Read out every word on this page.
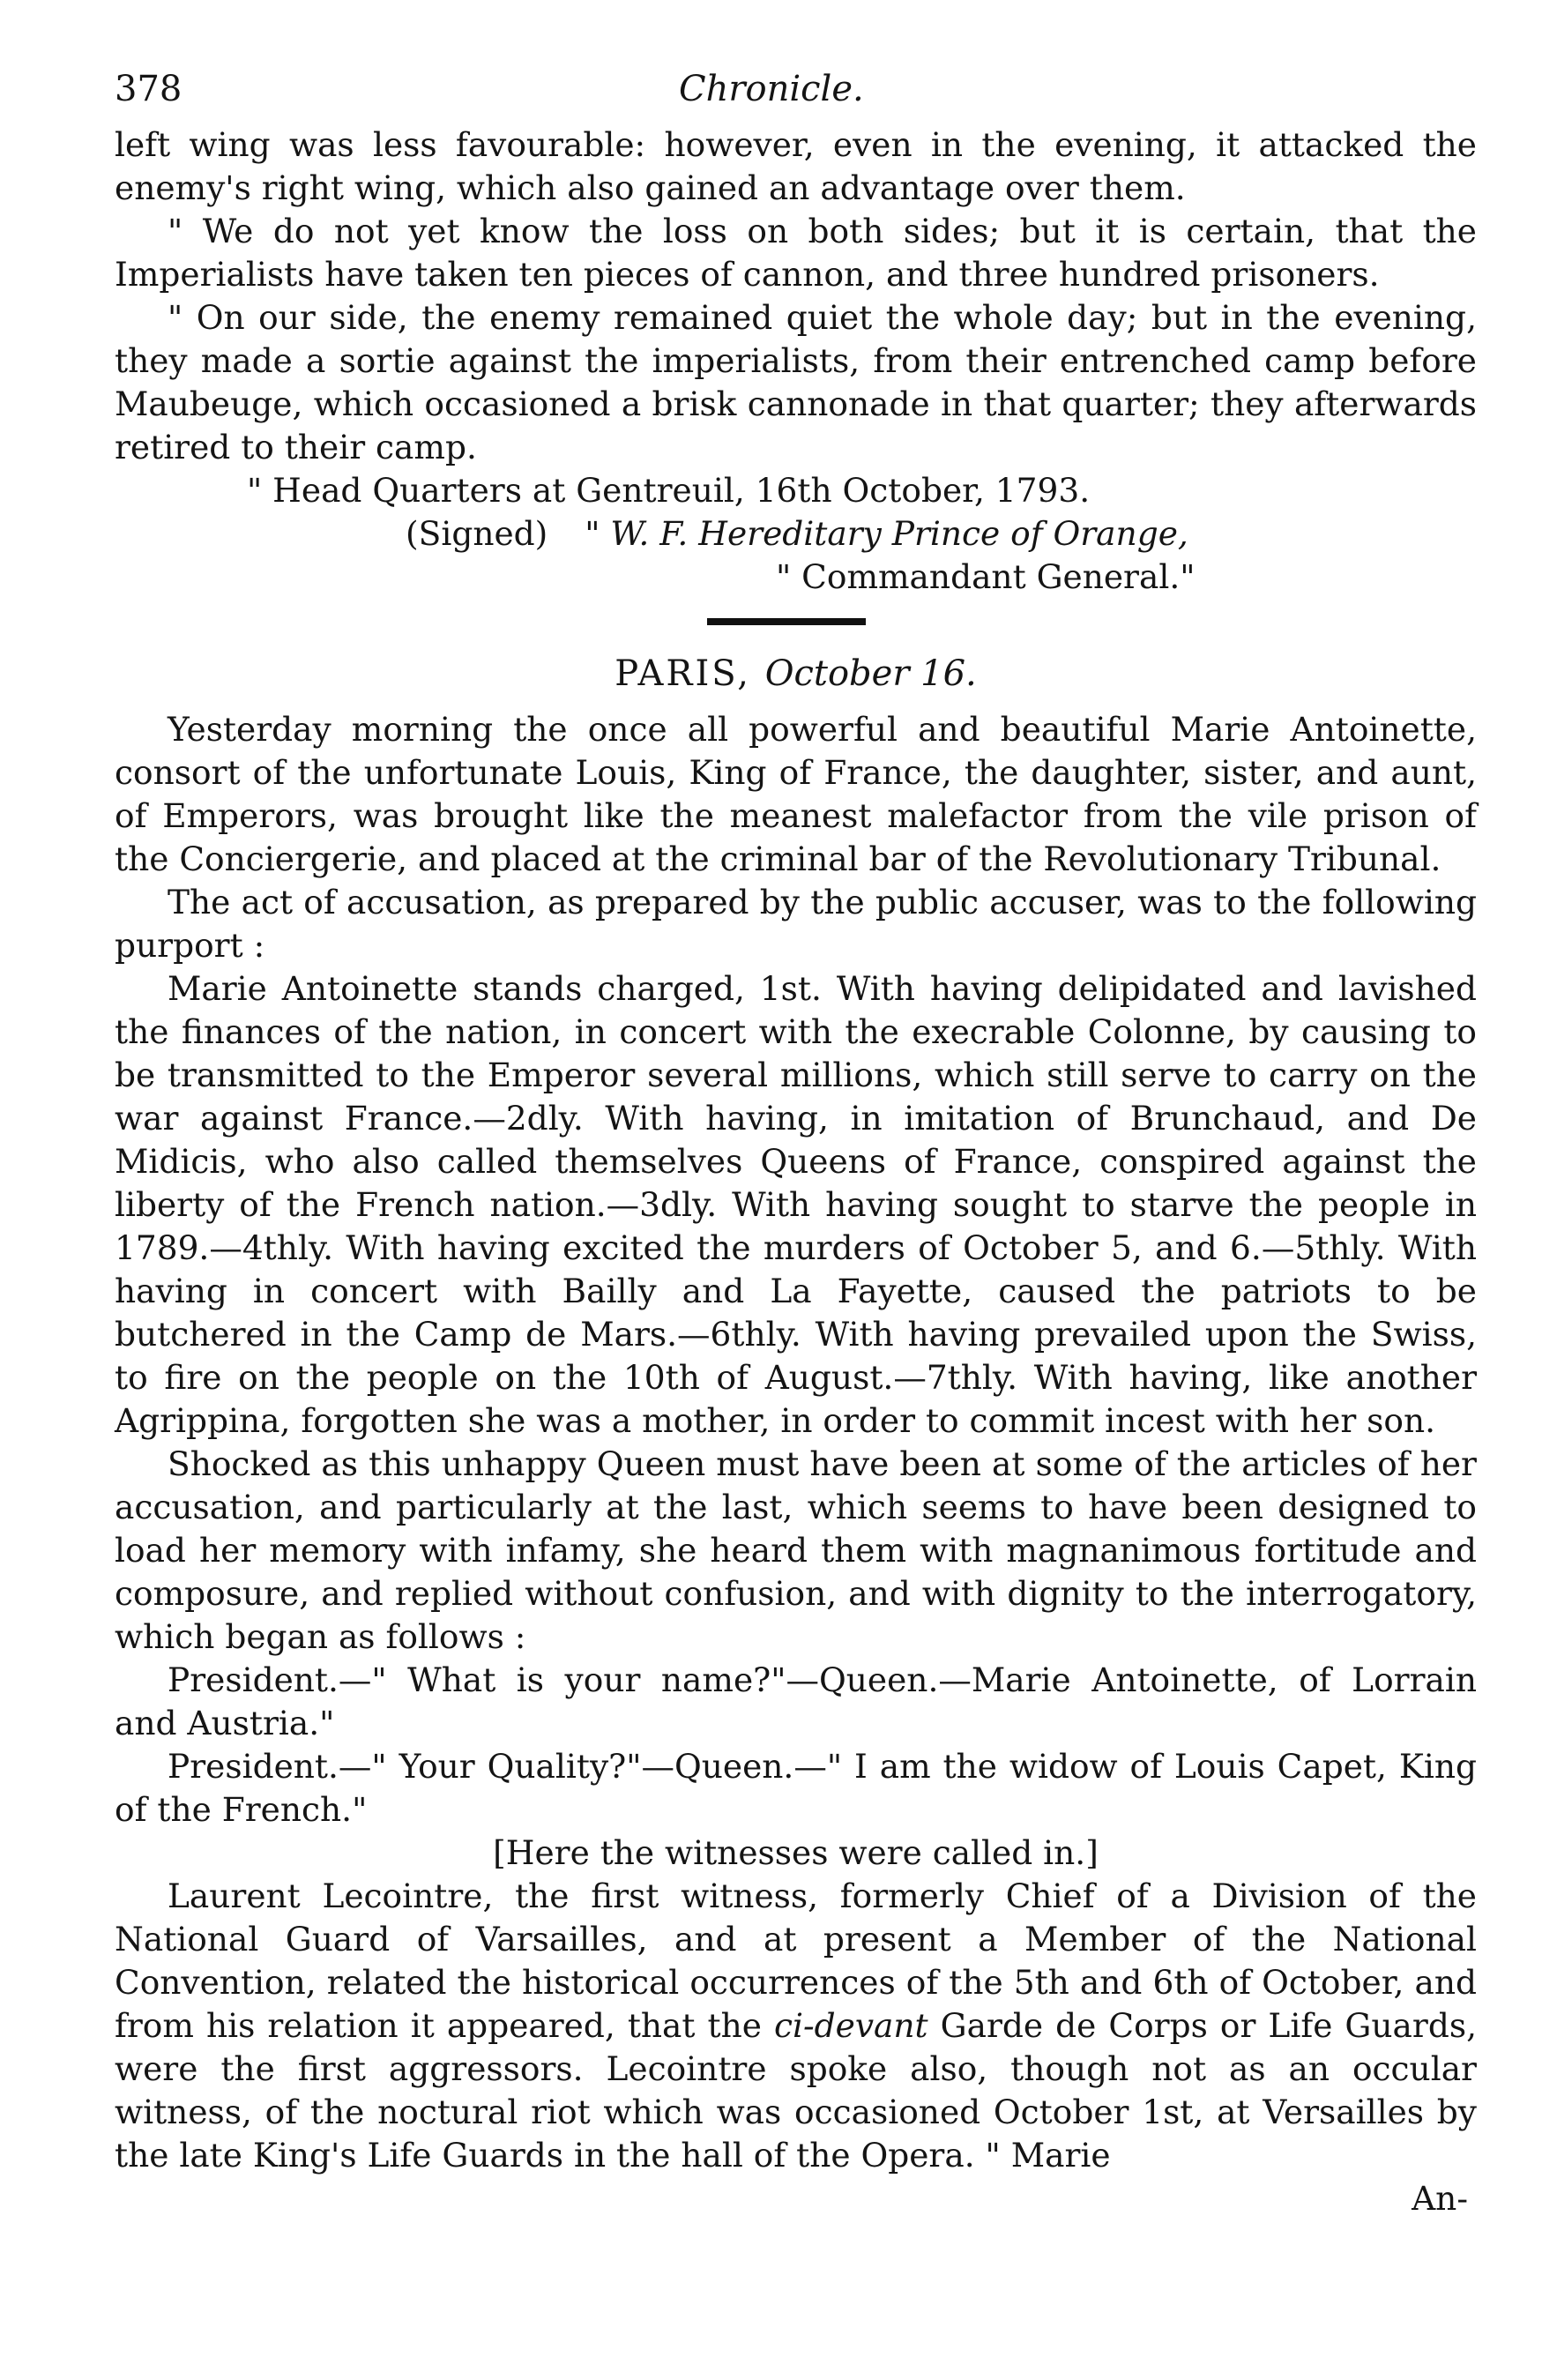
378	Chronicle.

left wing was less favourable: however, even in the evening, it attacked the enemy's right wing, which also gained an advantage over them.

" We do not yet know the loss on both sides; but it is certain, that the Imperialists have taken ten pieces of cannon, and three hundred prisoners.

" On our side, the enemy remained quiet the whole day; but in the evening, they made a sortie against the imperialists, from their entrenched camp before Maubeuge, which occasioned a brisk cannonade in that quarter; they afterwards retired to their camp.

" Head Quarters at Gentreuil, 16th October, 1793.
(Signed) " W. F. Hereditary Prince of Orange,
" Commandant General."
PARIS, October 16.

Yesterday morning the once all powerful and beautiful Marie Antoinette, consort of the unfortunate Louis, King of France, the daughter, sister, and aunt, of Emperors, was brought like the meanest malefactor from the vile prison of the Conciergerie, and placed at the criminal bar of the Revolutionary Tribunal.

The act of accusation, as prepared by the public accuser, was to the following purport :

Marie Antoinette stands charged, 1st. With having delipidated and lavished the finances of the nation, in concert with the execrable Colonne, by causing to be transmitted to the Emperor several millions, which still serve to carry on the war against France.—2dly. With having, in imitation of Brunchaud, and De Midicis, who also called themselves Queens of France, conspired against the liberty of the French nation.—3dly. With having sought to starve the people in 1789.—4thly. With having excited the murders of October 5, and 6.—5thly. With having in concert with Bailly and La Fayette, caused the patriots to be butchered in the Camp de Mars.—6thly. With having prevailed upon the Swiss, to fire on the people on the 10th of August.—7thly. With having, like another Agrippina, forgotten she was a mother, in order to commit incest with her son.

Shocked as this unhappy Queen must have been at some of the articles of her accusation, and particularly at the last, which seems to have been designed to load her memory with infamy, she heard them with magnanimous fortitude and composure, and replied without confusion, and with dignity to the interrogatory, which began as follows :

President.—" What is your name?"—Queen.—Marie Antoinette, of Lorrain and Austria."

President.—" Your Quality?"—Queen.—" I am the widow of Louis Capet, King of the French."

[Here the witnesses were called in.]

Laurent Lecointre, the first witness, formerly Chief of a Division of the National Guard of Varsailles, and at present a Member of the National Convention, related the historical occurrences of the 5th and 6th of October, and from his relation it appeared, that the ci-devant Garde de Corps or Life Guards, were the first aggressors. Lecointre spoke also, though not as an occular witness, of the noctural riot which was occasioned October 1st, at Versailles by the late King's Life Guards in the hall of the Opera. " Marie

An-
